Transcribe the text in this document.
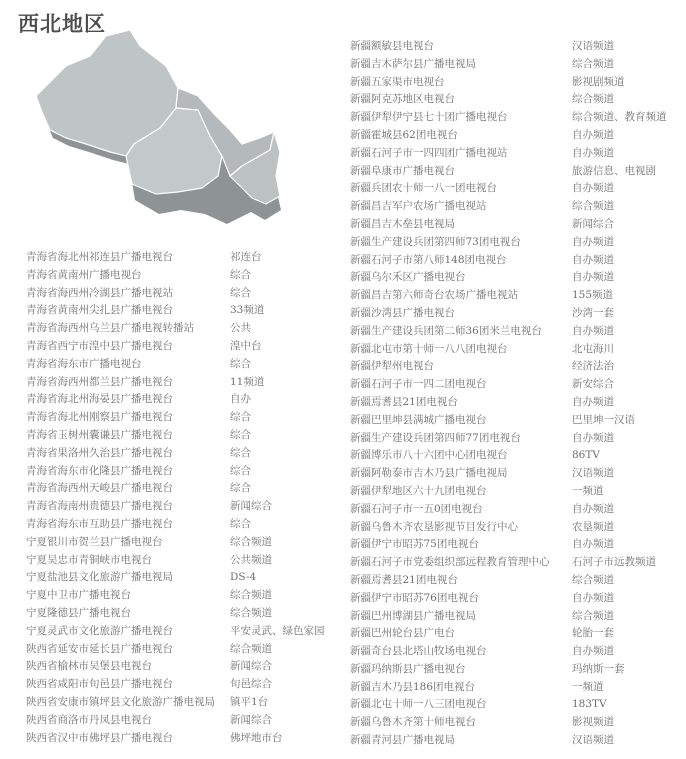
西北地区
青海省海北州祁连县广播电视台	祁连台
青海省黄南州广播电视台	综合
青海省海西州冷湖县广播电视站	综合
青海省黄南州尖扎县广播电视台	33频道
青海省海西州乌兰县广播电视转播站	公共
青海省西宁市湟中县广播电视台	湟中台
青海省海东市广播电视台	综合
青海省海西州都兰县广播电视台	11频道
青海省海北州海晏县广播电视台	自办
青海省海北州刚察县广播电视台	综合
青海省玉树州囊谦县广播电视台	综合
青海省果洛州久治县广播电视台	综合
青海省海东市化隆县广播电视台	综合
青海省海西州天峻县广播电视台	综合
青海省海南州贵德县广播电视台	新闻综合
青海省海东市互助县广播电视台	综合
宁夏银川市贺兰县广播电视台	综合频道
宁夏吴忠市青铜峡市电视台	公共频道
宁夏盐池县文化旅游广播电视局	DS-4
宁夏中卫市广播电视台	综合频道
宁夏隆德县广播电视台	综合频道
宁夏灵武市文化旅游广播电视台	平安灵武、绿色家园
陕西省延安市延长县广播电视台	综合频道
陕西省榆林市吴堡县电视台	新闻综合
陕西省咸阳市旬邑县广播电视台	旬邑综合
陕西省安康市镇坪县文化旅游广播电视局 镇平1台
陕西省商洛市丹凤县电视台	新闻综合
陕西省汉中市佛坪县广播电视台	佛坪地市台
新疆额敏县电视台	汉语频道
新疆吉木萨尔县广播电视局	综合频道
新疆五家渠市电视台	影视剧频道
新疆阿克苏地区电视台	综合频道
新疆伊犁伊宁县七十团广播电视台	综合频道、教育频道
新疆霍城县62团电视台	自办频道
新疆石河子市一四四团广播电视站	自办频道
新疆阜康市广播电视台	旅游信息、电视剧
新疆兵团农十师一八一团电视台	自办频道
新疆昌吉军户农场广播电视站	综合频道
新疆昌吉木垒县电视局	新闻综合
新疆生产建设兵团第四师73团电视台	自办频道
新疆石河子市第八师148团电视台	自办频道
新疆乌尔禾区广播电视台	自办频道
新疆昌吉第六师奇台农场广播电视站	155频道
新疆沙湾县广播电视台	沙湾一套
新疆生产建设兵团第二师36团米兰电视台	自办频道
新疆北屯市第十师一八八团电视台	北屯海川
新疆伊犁州电视台	经济法治
新疆石河子市一四二团电视台	新安综合
新疆焉耆县21团电视台	自办频道
新疆巴里坤县满城广播电视台	巴里坤一汉语
新疆生产建设兵团第四师77团电视台	自办频道
新疆博乐市八十六团中心团电视台	86TV
新疆阿勒泰市吉木乃县广播电视局	汉语频道
新疆伊犁地区六十九团电视台	一频道
新疆石河子市一五0团电视台	自办频道
新疆乌鲁木齐农垦影视节目发行中心	农垦频道
新疆伊宁市昭苏75团电视台	自办频道
新疆石河子市党委组织部远程教育管理中心 石河子市远教频道
新疆焉耆县21团电视台	综合频道
新疆伊宁市昭苏76团电视台	自办频道
新疆巴州博湖县广播电视局	综合频道
新疆巴州轮台县广电台	轮胎一套
新疆奇台县北塔山牧场电视台	自办频道
新疆玛纳斯县广播电视台	玛纳斯一套
新疆吉木乃县186团电视台	一频道
新疆北屯十师一八三团电视台	183TV
新疆乌鲁木齐第十师电视台	影视频道
新疆青河县广播电视局	汉语频道
